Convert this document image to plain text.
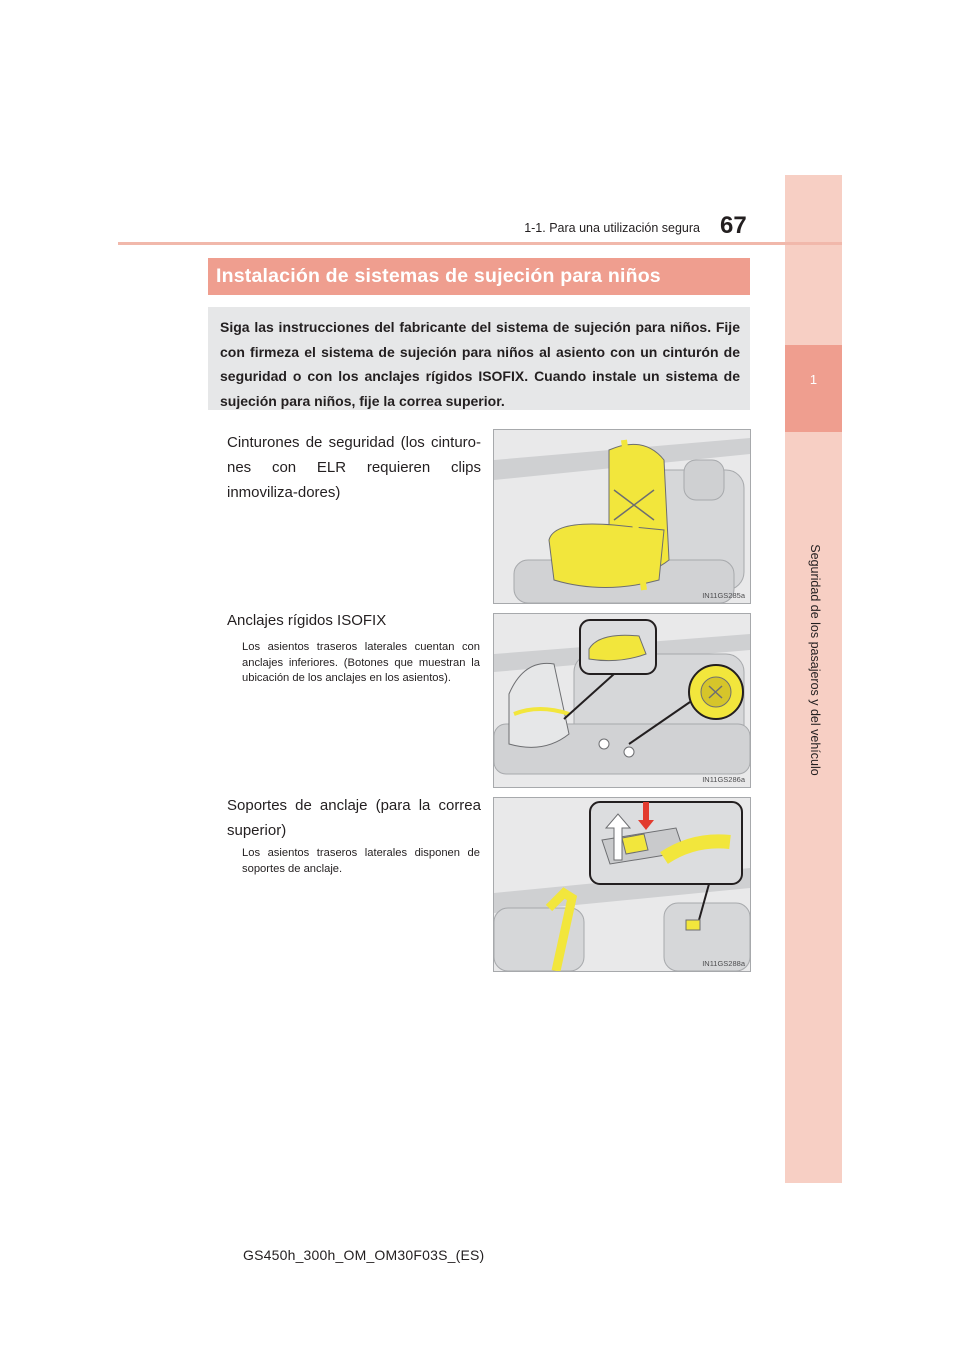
1
Seguridad de los pasajeros y del vehículo
1-1. Para una utilización segura 67
Instalación de sistemas de sujeción para niños
Siga las instrucciones del fabricante del sistema de sujeción para niños. Fije con firmeza el sistema de sujeción para niños al asiento con un cinturón de seguridad o con los anclajes rígidos ISOFIX. Cuando instale un sistema de sujeción para niños, fije la correa superior.
Cinturones de seguridad (los cinturo-nes con ELR requieren clips inmoviliza-dores)
IN11GS285a
Anclajes rígidos ISOFIX
Los asientos traseros laterales cuentan con anclajes inferiores. (Botones que muestran la ubicación de los anclajes en los asientos).
IN11GS286a
Soportes de anclaje (para la correa superior)
Los asientos traseros laterales disponen de soportes de anclaje.
IN11GS288a
GS450h_300h_OM_OM30F03S_(ES)
